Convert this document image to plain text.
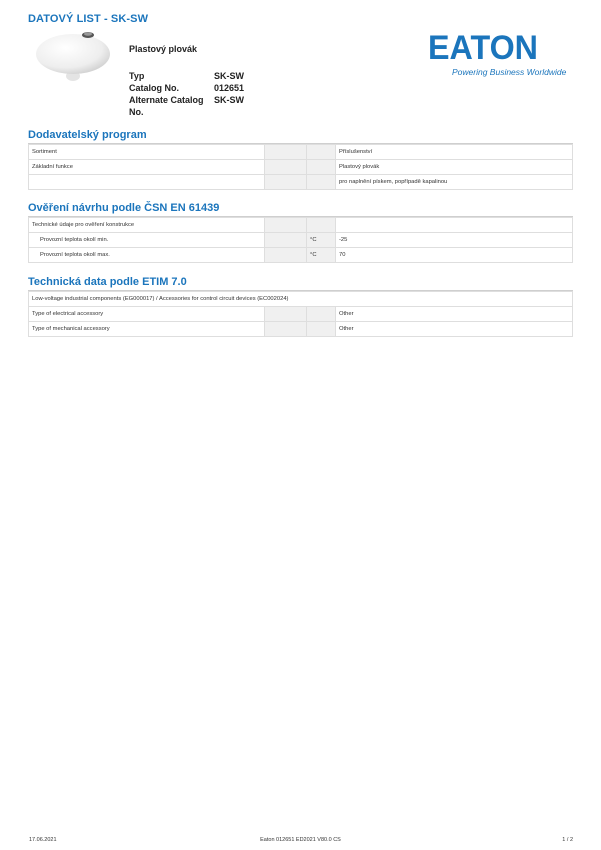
DATOVÝ LIST - SK-SW
Plastový plovák
Typ	SK-SW
Catalog No.	012651
Alternate Catalog No.	SK-SW
EATON
Powering Business Worldwide
Dodavatelský program
Sortiment			Příslušenství
Základní funkce			Plastový plovák
			pro naplnění pískem, popřípadě kapalinou
Ověření návrhu podle ČSN EN 61439
Technické údaje pro ověření konstrukce			
Provozní teplota okolí min.		°C	-25
Provozní teplota okolí max.		°C	70
Technická data podle ETIM 7.0
Low-voltage industrial components (EG000017) / Accessories for control circuit devices (EC002024)			
Type of electrical accessory			Other
Type of mechanical accessory			Other
17.06.2021	Eaton 012651 ED2021 V80.0 CS	1 / 2
